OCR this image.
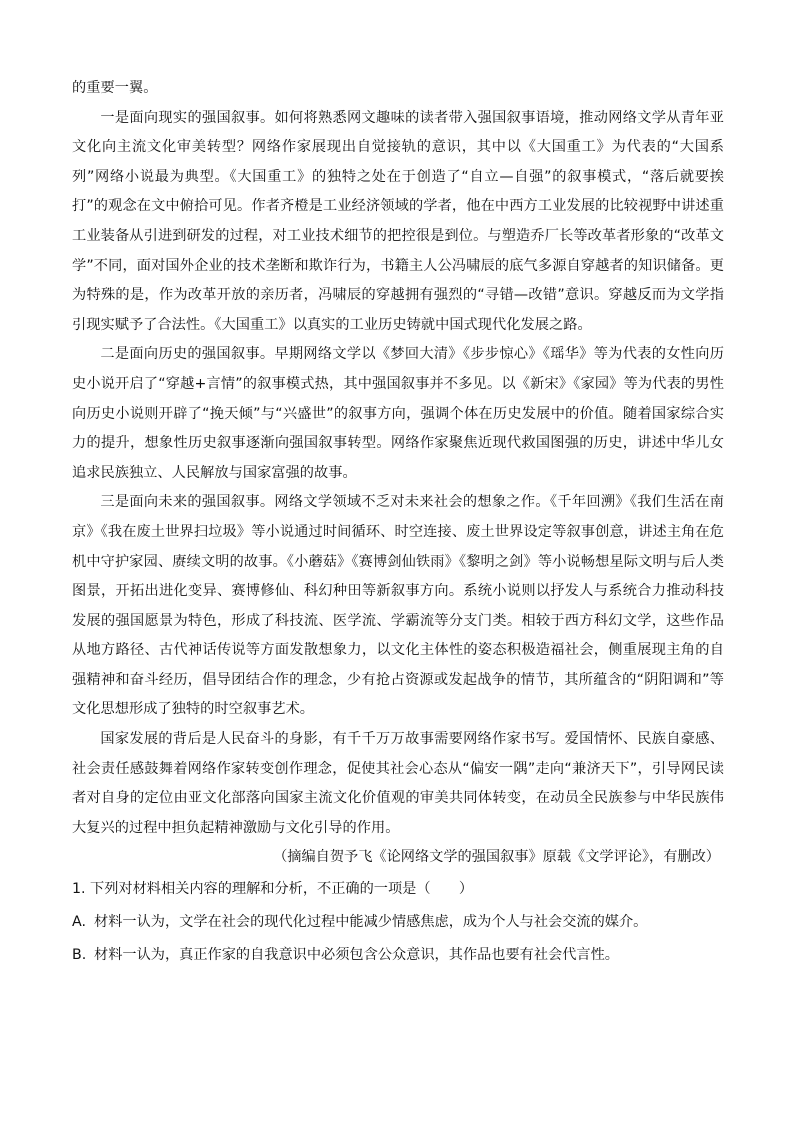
的重要一翼。

一是面向现实的强国叙事。如何将熟悉网文趣味的读者带入强国叙事语境，推动网络文学从青年亚文化向主流文化审美转型？网络作家展现出自觉接轨的意识，其中以《大国重工》为代表的“大国系列”网络小说最为典型。《大国重工》的独特之处在于创造了“自立—自强”的叙事模式，“落后就要挨打”的观念在文中俯拾可见。作者齐橙是工业经济领域的学者，他在中西方工业发展的比较视野中讲述重工业装备从引进到研发的过程，对工业技术细节的把控很是到位。与塑造乔厂长等改革者形象的“改革文学”不同，面对国外企业的技术垄断和欺诈行为，书籍主人公冯啸辰的底气多源自穿越者的知识储备。更为特殊的是，作为改革开放的亲历者，冯啸辰的穿越拥有强烈的“寻错—改错”意识。穿越反而为文学指引现实赋予了合法性。《大国重工》以真实的工业历史铸就中国式现代化发展之路。

二是面向历史的强国叙事。早期网络文学以《梦回大清》《步步惊心》《瑶华》等为代表的女性向历史小说开启了“穿越+言情”的叙事模式热，其中强国叙事并不多见。以《新宋》《家园》等为代表的男性向历史小说则开辟了“挽天倾”与“兴盛世”的叙事方向，强调个体在历史发展中的价值。随着国家综合实力的提升，想象性历史叙事逐渐向强国叙事转型。网络作家聚焦近现代救国图强的历史，讲述中华儿女追求民族独立、人民解放与国家富强的故事。

三是面向未来的强国叙事。网络文学领域不乏对未来社会的想象之作。《千年回溯》《我们生活在南　京》《我在废土世界扫垃圾》等小说通过时间循环、时空连接、废土世界设定等叙事创意，讲述主角在危机中守护家园、赓续文明的故事。《小蘑菇》《赛博剑仙铁雨》《黎明之剑》等小说畅想星际文明与后人类图景，开拓出进化变异、赛博修仙、科幻种田等新叙事方向。系统小说则以抒发人与系统合力推动科技发展的强国愿景为特色，形成了科技流、医学流、学霸流等分支门类。相较于西方科幻文学，这些作品从地方路径、古代神话传说等方面发散想象力，以文化主体性的姿态积极造福社会，侧重展现主角的自强精神和奋斗经历，倡导团结合作的理念，少有抢占资源或发起战争的情节，其所蕴含的“阴阳调和”等文化思想形成了独特的时空叙事艺术。

国家发展的背后是人民奋斗的身影，有千千万万故事需要网络作家书写。爱国情怀、民族自豪感、社会责任感鼓舞着网络作家转变创作理念，促使其社会心态从“偏安一隅”走向“兼济天下”，引导网民读者对自身的定位由亚文化部落向国家主流文化价值观的审美共同体转变，在动员全民族参与中华民族伟大复兴的过程中担负起精神激励与文化引导的作用。

（摘编自贺予飞《论网络文学的强国叙事》原载《文学评论》，有删改）

1. 下列对材料相关内容的理解和分析，不正确的一项是（　　）

A. 材料一认为，文学在社会的现代化过程中能减少情感焦虑，成为个人与社会交流的媒介。

B. 材料一认为，真正作家的自我意识中必须包含公众意识，其作品也要有社会代言性。
